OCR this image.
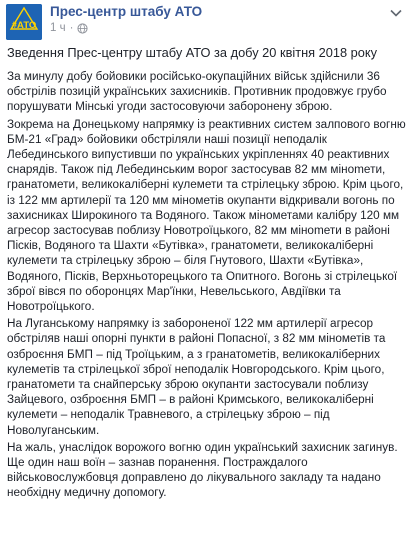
#АТО
Прес-центр штабу АТО
1 ч ·

Зведення Прес-центру штабу АТО за добу 20 квітня 2018 року

За минулу добу бойовики російсько-окупаційних військ здійснили 36 обстрілів позицій українських захисників. Противник продовжує грубо порушувати Мінські угоди застосовуючи заборонену зброю.

Зокрема на Донецькому напрямку із реактивних систем залпового вогню БМ-21 «Град» бойовики обстріляли наші позиції неподалік Лебединського випустивши по українських укріпленнях 40 реактивних снарядів. Також під Лебединським ворог застосував 82 мм мінomети, гранатомети, великокаліберні кулемети та стрілецьку зброю. Крім цього, із 122 мм артилерії та 120 мм мінометів окупанти відкривали вогонь по захисниках Широкиного та Водяного. Також мінометами калібру 120 мм агресор застосував поблизу Новотроїцького, 82 мм мінomети в районі Пісків, Водяного та Шахти «Бутівка», гранатомети, великокаліберні кулемети та стрілецьку зброю – біля Гнутового, Шахти «Бутівка», Водяного, Пісків, Верхньоторецького та Опитного. Вогонь зі стрілецької зброї вівся по оборонцях Мар'їнки, Невельського, Авдіївки та Новотроїцького.

На Луганському напрямку із забороненої 122 мм артилерії агресор обстріляв наші опорні пункти в районі Попасної, з 82 мм мінометів та озброєння БМП – під Троїцьким, а з гранатометів, великокаліберних кулеметів та стрілецької зброї неподалік Новгородського. Крім цього, гранатомети та снайперську зброю окупанти застосували поблизу Зайцевого, озброєння БМП – в районі Кримського, великокаліберні кулемети – неподалік Травневого, а стрілецьку зброю – під Новолуганським.

На жаль, унаслідок ворожого вогню один український захисник загинув. Ще один наш воїн – зазнав поранення. Постраждалого військовослужбовця доправлено до лікувального закладу та надано необхідну медичну допомогу.
